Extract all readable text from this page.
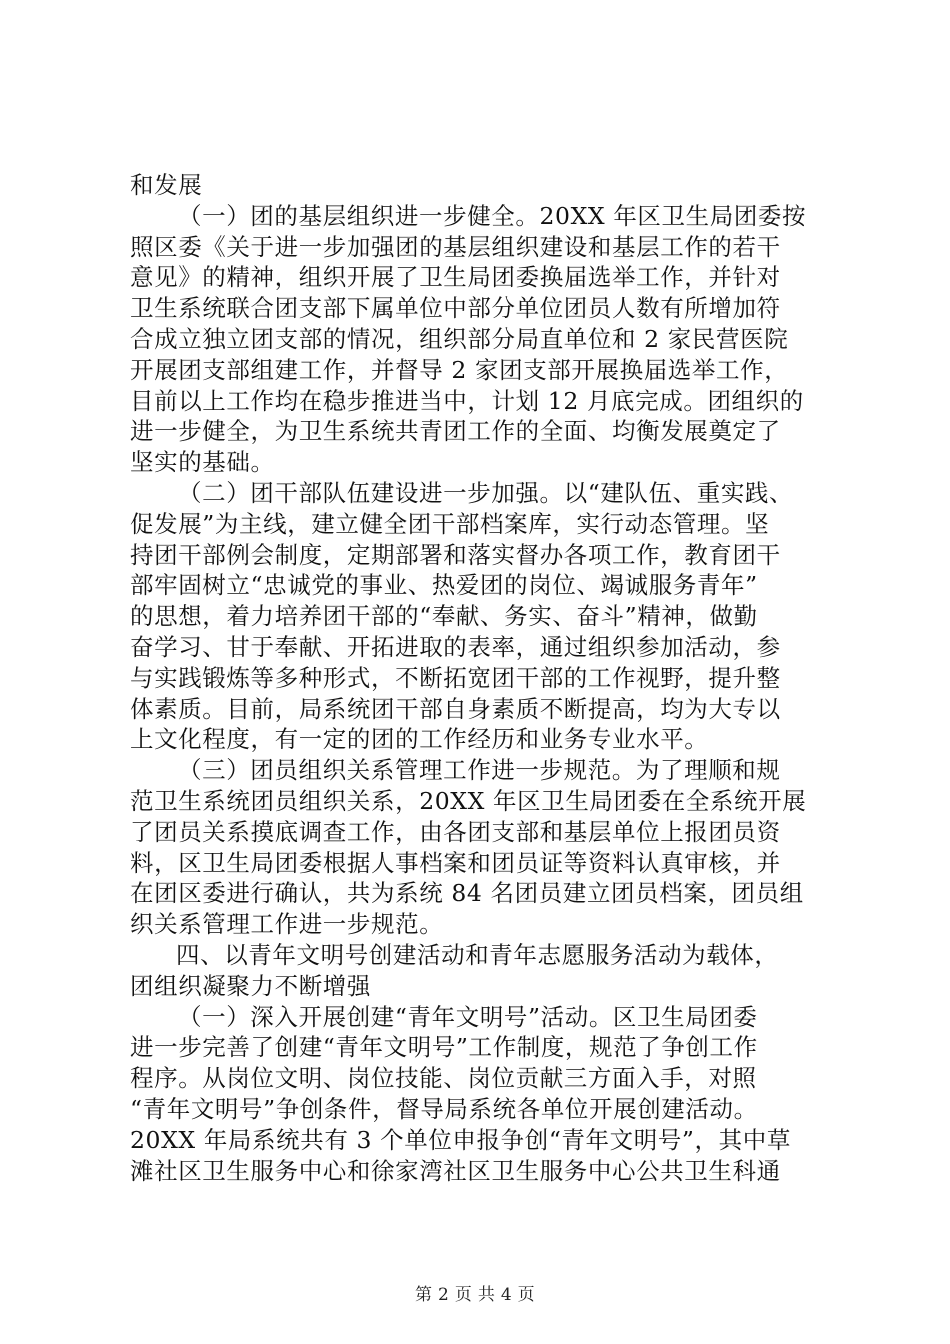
和发展
（一）团的基层组织进一步健全。20XX 年区卫生局团委按
照区委《关于进一步加强团的基层组织建设和基层工作的若干
意见》的精神，组织开展了卫生局团委换届选举工作，并针对
卫生系统联合团支部下属单位中部分单位团员人数有所增加符
合成立独立团支部的情况，组织部分局直单位和 2 家民营医院
开展团支部组建工作，并督导 2 家团支部开展换届选举工作，
目前以上工作均在稳步推进当中，计划 12 月底完成。团组织的
进一步健全，为卫生系统共青团工作的全面、均衡发展奠定了
坚实的基础。
（二）团干部队伍建设进一步加强。以“建队伍、重实践、
促发展”为主线，建立健全团干部档案库，实行动态管理。坚
持团干部例会制度，定期部署和落实督办各项工作，教育团干
部牢固树立“忠诚党的事业、热爱团的岗位、竭诚服务青年”
的思想，着力培养团干部的“奉献、务实、奋斗”精神，做勤
奋学习、甘于奉献、开拓进取的表率，通过组织参加活动，参
与实践锻炼等多种形式，不断拓宽团干部的工作视野，提升整
体素质。目前，局系统团干部自身素质不断提高，均为大专以
上文化程度，有一定的团的工作经历和业务专业水平。
（三）团员组织关系管理工作进一步规范。为了理顺和规
范卫生系统团员组织关系，20XX 年区卫生局团委在全系统开展
了团员关系摸底调查工作，由各团支部和基层单位上报团员资
料，区卫生局团委根据人事档案和团员证等资料认真审核，并
在团区委进行确认，共为系统 84 名团员建立团员档案，团员组
织关系管理工作进一步规范。
四、以青年文明号创建活动和青年志愿服务活动为载体，
团组织凝聚力不断增强
（一）深入开展创建“青年文明号”活动。区卫生局团委
进一步完善了创建“青年文明号”工作制度，规范了争创工作
程序。从岗位文明、岗位技能、岗位贡献三方面入手，对照
“青年文明号”争创条件，督导局系统各单位开展创建活动。
20XX 年局系统共有 3 个单位申报争创“青年文明号”，其中草
滩社区卫生服务中心和徐家湾社区卫生服务中心公共卫生科通
第 2 页 共 4 页
